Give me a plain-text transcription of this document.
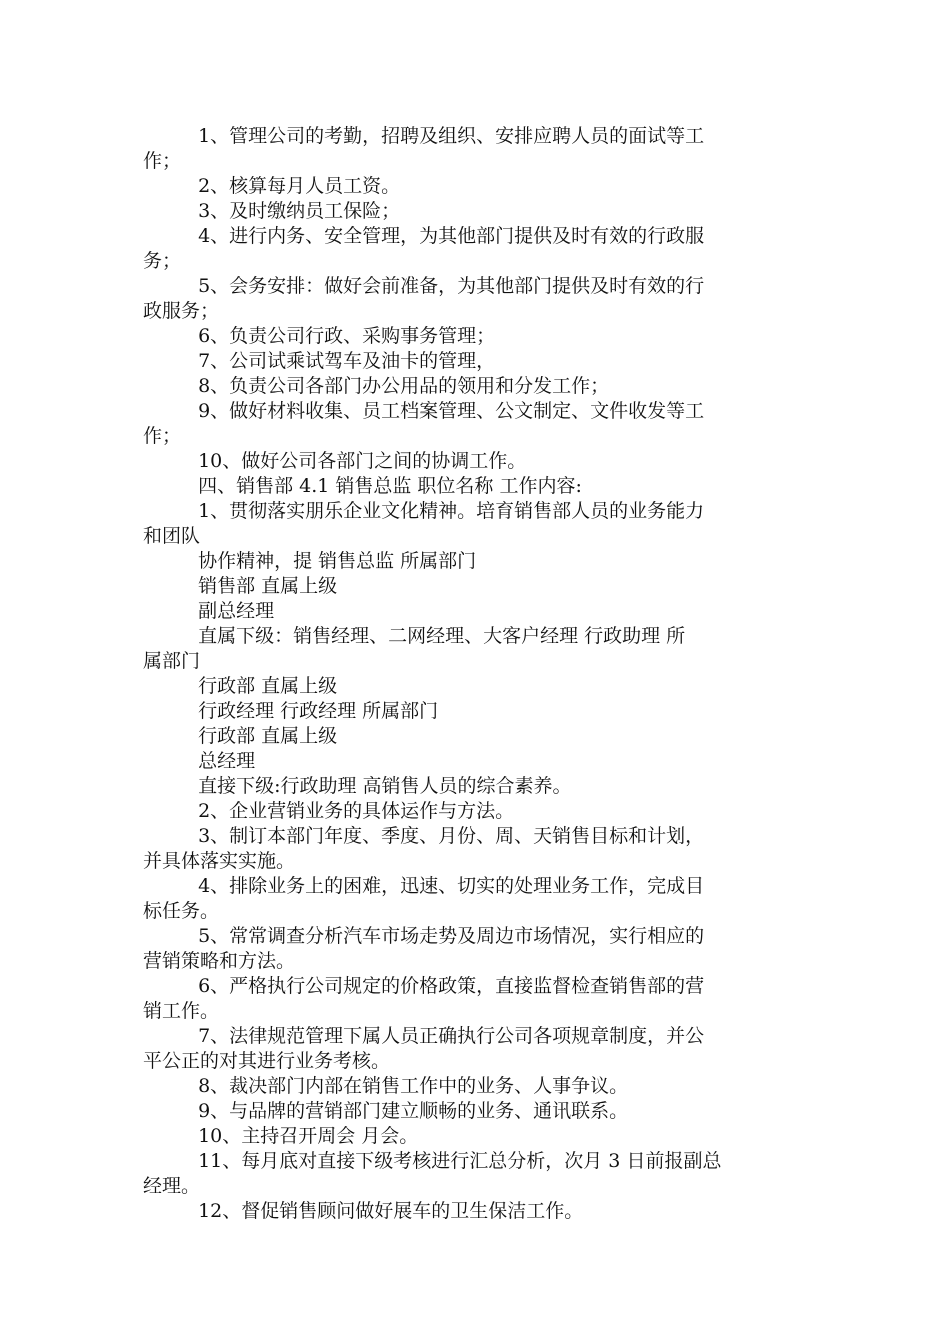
1、管理公司的考勤，招聘及组织、安排应聘人员的面试等工
作；
2、核算每月人员工资。
3、及时缴纳员工保险；
4、进行内务、安全管理，为其他部门提供及时有效的行政服
务；
5、会务安排：做好会前准备，为其他部门提供及时有效的行
政服务；
6、负责公司行政、采购事务管理；
7、公司试乘试驾车及油卡的管理，
8、负责公司各部门办公用品的领用和分发工作；
9、做好材料收集、员工档案管理、公文制定、文件收发等工
作；
10、做好公司各部门之间的协调工作。
四、销售部 4.1 销售总监 职位名称 工作内容:
1、贯彻落实朋乐企业文化精神。培育销售部人员的业务能力
和团队
协作精神，提 销售总监 所属部门
销售部 直属上级
副总经理
直属下级：销售经理、二网经理、大客户经理 行政助理 所
属部门
行政部 直属上级
行政经理 行政经理 所属部门
行政部 直属上级
总经理
直接下级:行政助理 高销售人员的综合素养。
2、企业营销业务的具体运作与方法。
3、制订本部门年度、季度、月份、周、天销售目标和计划，
并具体落实实施。
4、排除业务上的困难，迅速、切实的处理业务工作，完成目
标任务。
5、常常调查分析汽车市场走势及周边市场情况，实行相应的
营销策略和方法。
6、严格执行公司规定的价格政策，直接监督检查销售部的营
销工作。
7、法律规范管理下属人员正确执行公司各项规章制度，并公
平公正的对其进行业务考核。
8、裁决部门内部在销售工作中的业务、人事争议。
9、与品牌的营销部门建立顺畅的业务、通讯联系。
10、主持召开周会 月会。
11、每月底对直接下级考核进行汇总分析，次月 3 日前报副总
经理。
12、督促销售顾问做好展车的卫生保洁工作。
